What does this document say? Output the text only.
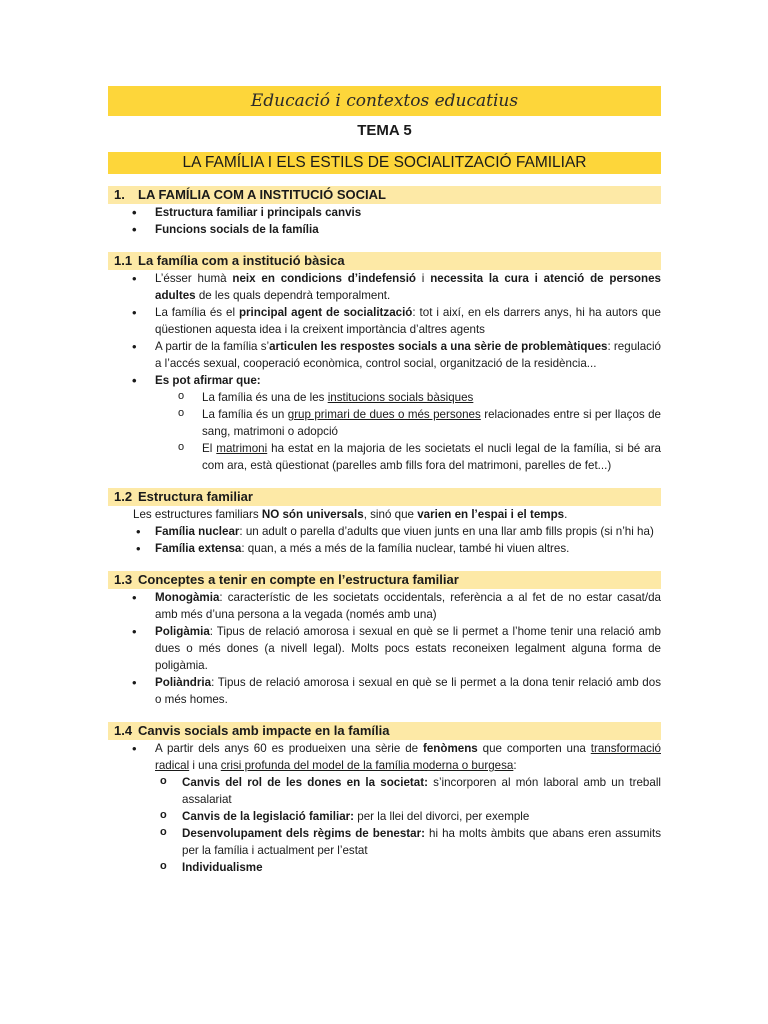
Educació i contextos educatius
TEMA 5
LA FAMÍLIA I ELS ESTILS DE SOCIALITZACIÓ FAMILIAR
1. LA FAMÍLIA COM A INSTITUCIÓ SOCIAL
• Estructura familiar i principals canvis
• Funcions socials de la família
1.1 La família com a institució bàsica
• L’ésser humà neix en condicions d’indefensió i necessita la cura i atenció de persones adultes de les quals dependrà temporalment.
• La família és el principal agent de socialització: tot i així, en els darrers anys, hi ha autors que qüestionen aquesta idea i la creixent importància d’altres agents
• A partir de la família s’articulen les respostes socials a una sèrie de problemàtiques: regulació a l’accés sexual, cooperació econòmica, control social, organització de la residència...
• Es pot afirmar que:
o La família és una de les institucions socials bàsiques
o La família és un grup primari de dues o més persones relacionades entre si per llaços de sang, matrimoni o adopció
o El matrimoni ha estat en la majoria de les societats el nucli legal de la família, si bé ara com ara, està qüestionat (parelles amb fills fora del matrimoni, parelles de fet...)
1.2 Estructura familiar
Les estructures familiars NO són universals, sinó que varien en l’espai i el temps.
• Família nuclear: un adult o parella d’adults que viuen junts en una llar amb fills propis (si n’hi ha)
• Família extensa: quan, a més a més de la família nuclear, també hi viuen altres.
1.3 Conceptes a tenir en compte en l’estructura familiar
• Monogàmia: característic de les societats occidentals, referència a al fet de no estar casat/da amb més d’una persona a la vegada (només amb una)
• Poligàmia: Tipus de relació amorosa i sexual en què se li permet a l’home tenir una relació amb dues o més dones (a nivell legal). Molts pocs estats reconeixen legalment alguna forma de poligàmia.
• Poliàndria: Tipus de relació amorosa i sexual en què se li permet a la dona tenir relació amb dos o més homes.
1.4 Canvis socials amb impacte en la família
• A partir dels anys 60 es produeixen una sèrie de fenòmens que comporten una transformació radical i una crisi profunda del model de la família moderna o burgesa:
o Canvis del rol de les dones en la societat: s’incorporen al món laboral amb un treball assalariat
o Canvis de la legislació familiar: per la llei del divorci, per exemple
o Desenvolupament dels règims de benestar: hi ha molts àmbits que abans eren assumits per la família i actualment per l’estat
o Individualisme
